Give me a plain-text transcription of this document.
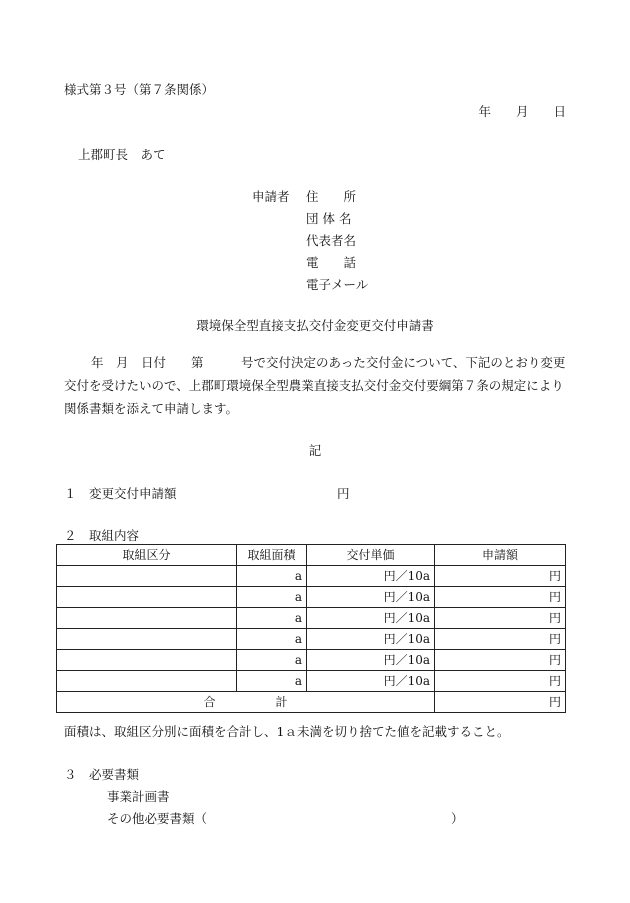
様式第３号（第７条関係）
年　　月　　日
上郡町長　あて
申請者 住　　所
団 体 名
代表者名
電　　話
電子メール
環境保全型直接支払交付金変更交付申請書
年　月　日付　　第　　　号で交付決定のあった交付金について、下記のとおり変更交付を受けたいので、上郡町環境保全型農業直接支払交付金交付要綱第７条の規定により関係書類を添えて申請します。
記
１　変更交付申請額	円
２　取組内容
取組区分	取組面積	交付単価	申請額
	a	円／10a	円
	a	円／10a	円
	a	円／10a	円
	a	円／10a	円
	a	円／10a	円
	a	円／10a	円
合　　　　　計			円
面積は、取組区分別に面積を合計し、1ａ未満を切り捨てた値を記載すること。
３　必要書類
事業計画書
その他必要書類（	）
